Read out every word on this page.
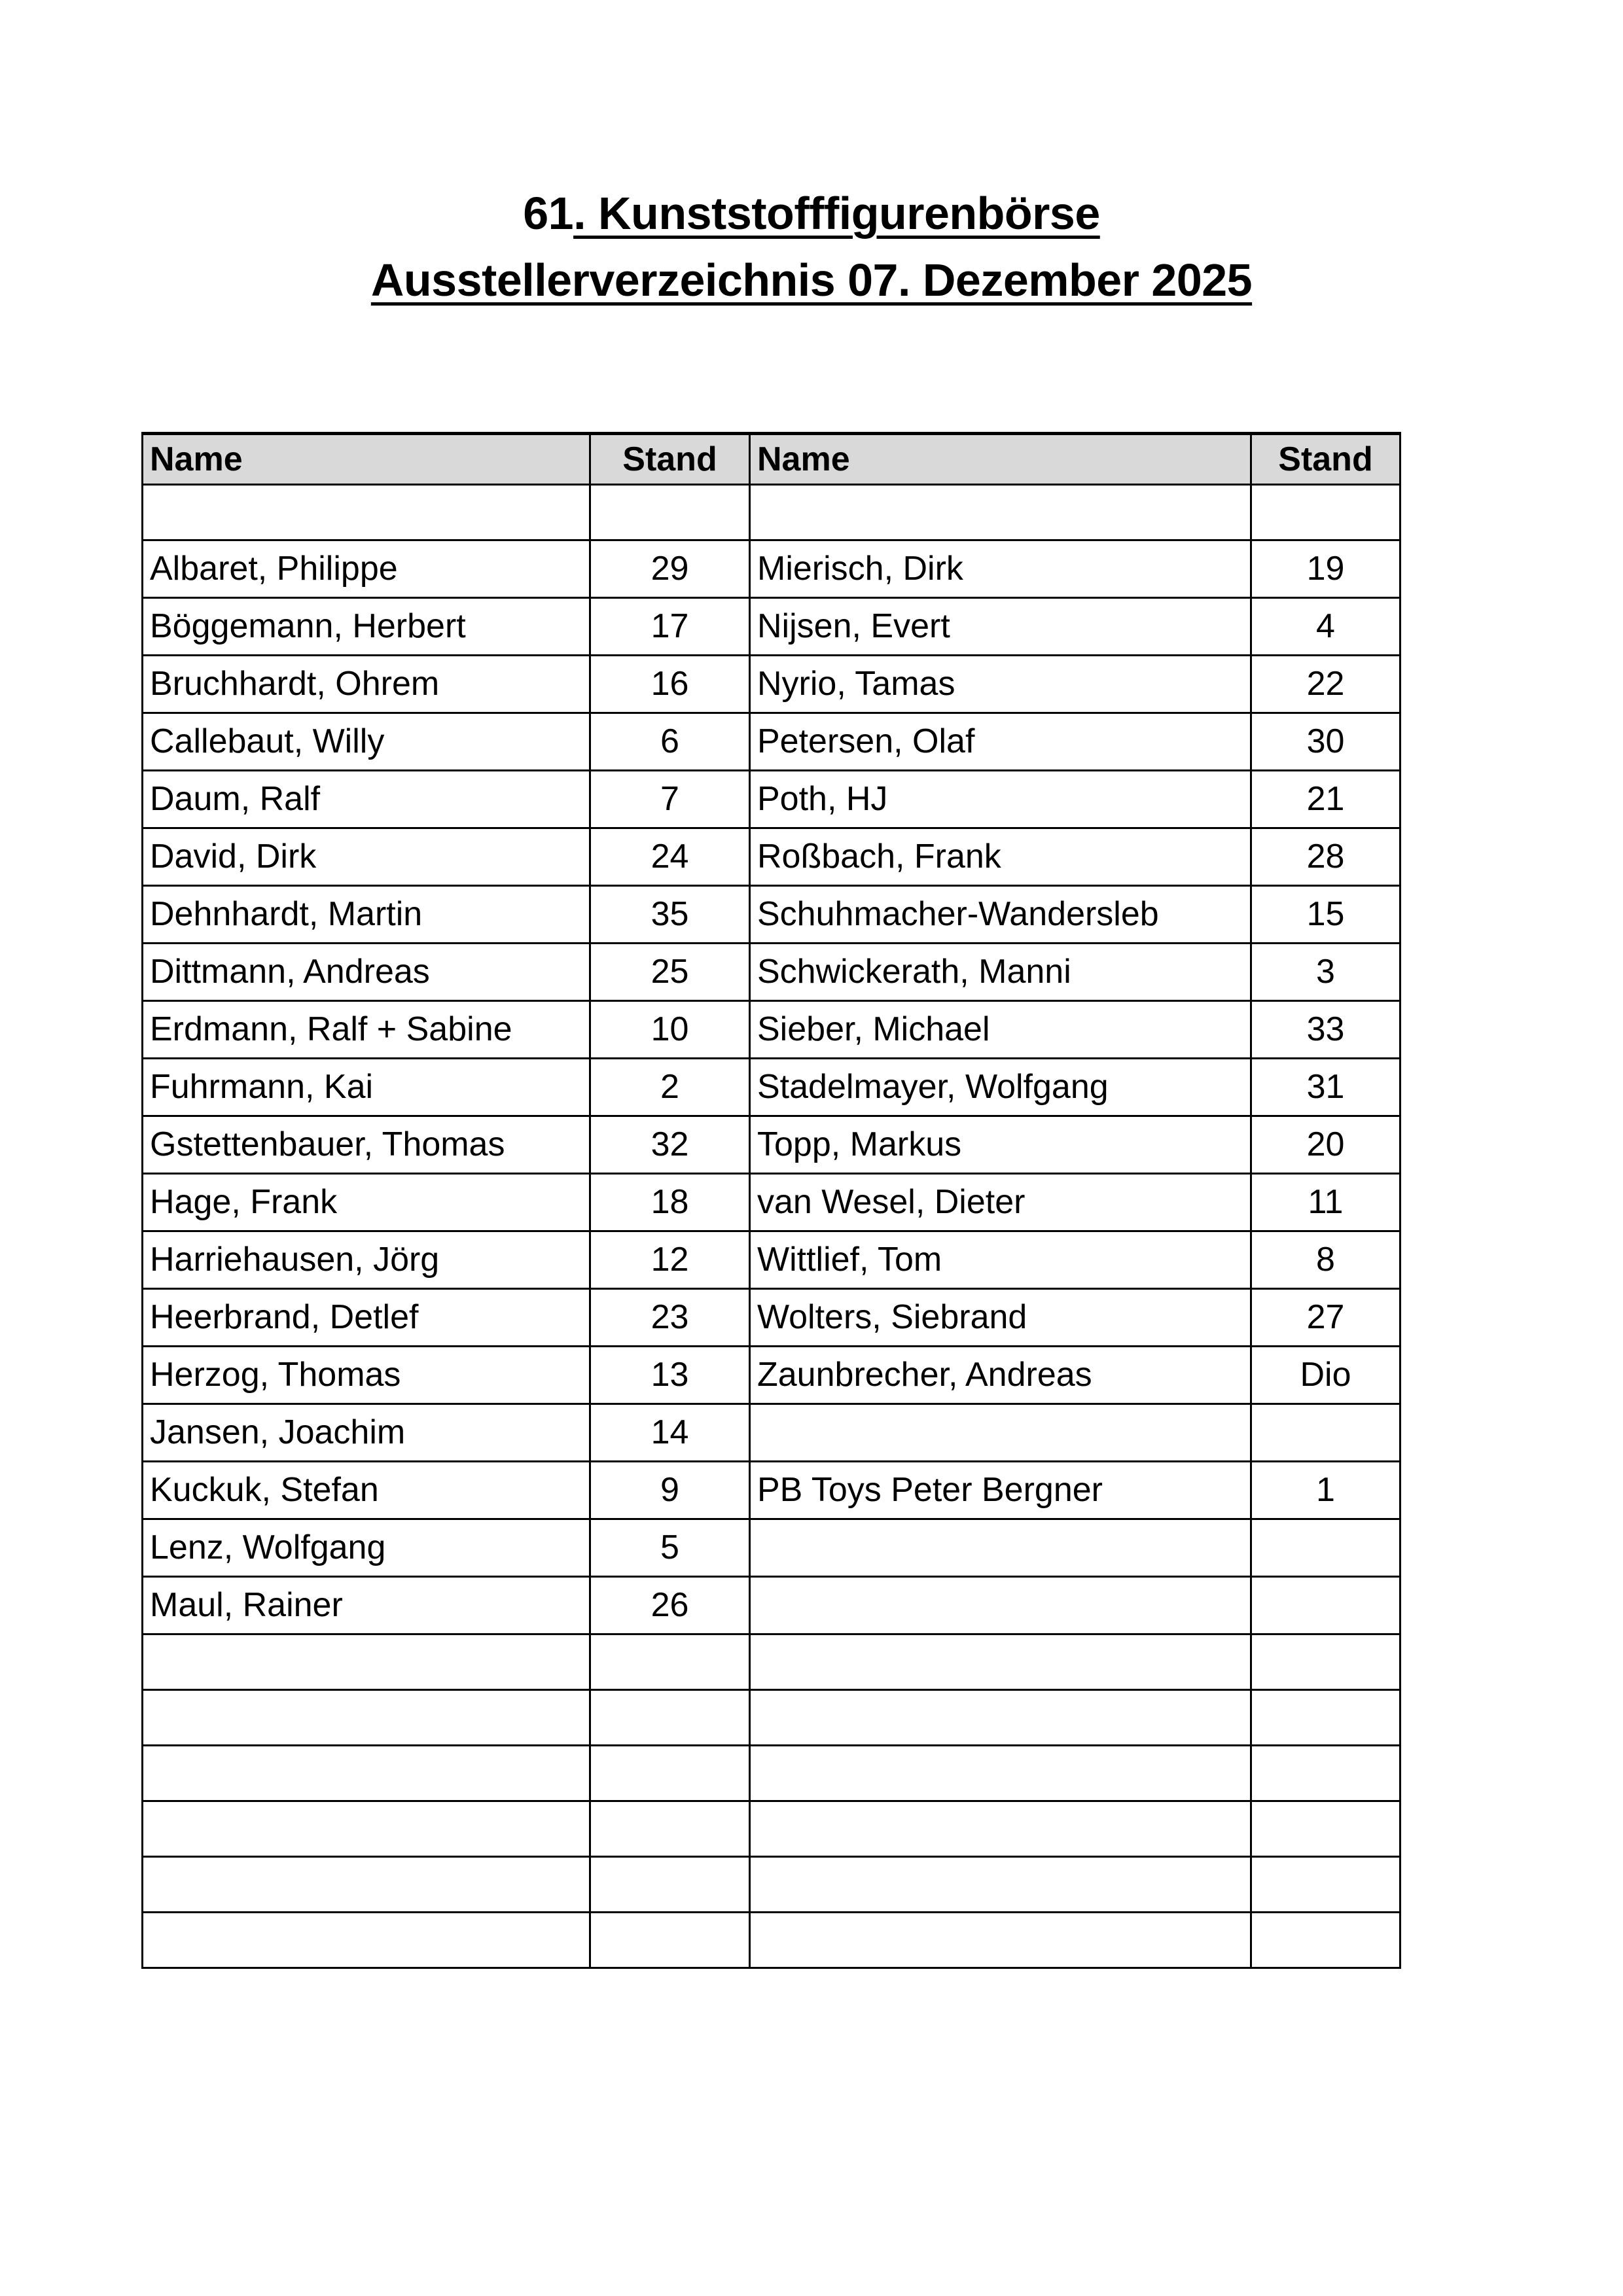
61. Kunststofffigurenbörse
Ausstellerverzeichnis 07. Dezember 2025
Name	Stand	Name	Stand

Albaret, Philippe	29	Mierisch, Dirk	19
Böggemann, Herbert	17	Nijsen, Evert	4
Bruchhardt, Ohrem	16	Nyrio, Tamas	22
Callebaut, Willy	6	Petersen, Olaf	30
Daum, Ralf	7	Poth, HJ	21
David, Dirk	24	Roßbach, Frank	28
Dehnhardt, Martin	35	Schuhmacher-Wandersleb	15
Dittmann, Andreas	25	Schwickerath, Manni	3
Erdmann, Ralf + Sabine	10	Sieber, Michael	33
Fuhrmann, Kai	2	Stadelmayer, Wolfgang	31
Gstettenbauer, Thomas	32	Topp, Markus	20
Hage, Frank	18	van Wesel, Dieter	11
Harriehausen, Jörg	12	Wittlief, Tom	8
Heerbrand, Detlef	23	Wolters, Siebrand	27
Herzog, Thomas	13	Zaunbrecher, Andreas	Dio
Jansen, Joachim	14		
Kuckuk, Stefan	9	PB Toys Peter Bergner	1
Lenz, Wolfgang	5		
Maul, Rainer	26		
